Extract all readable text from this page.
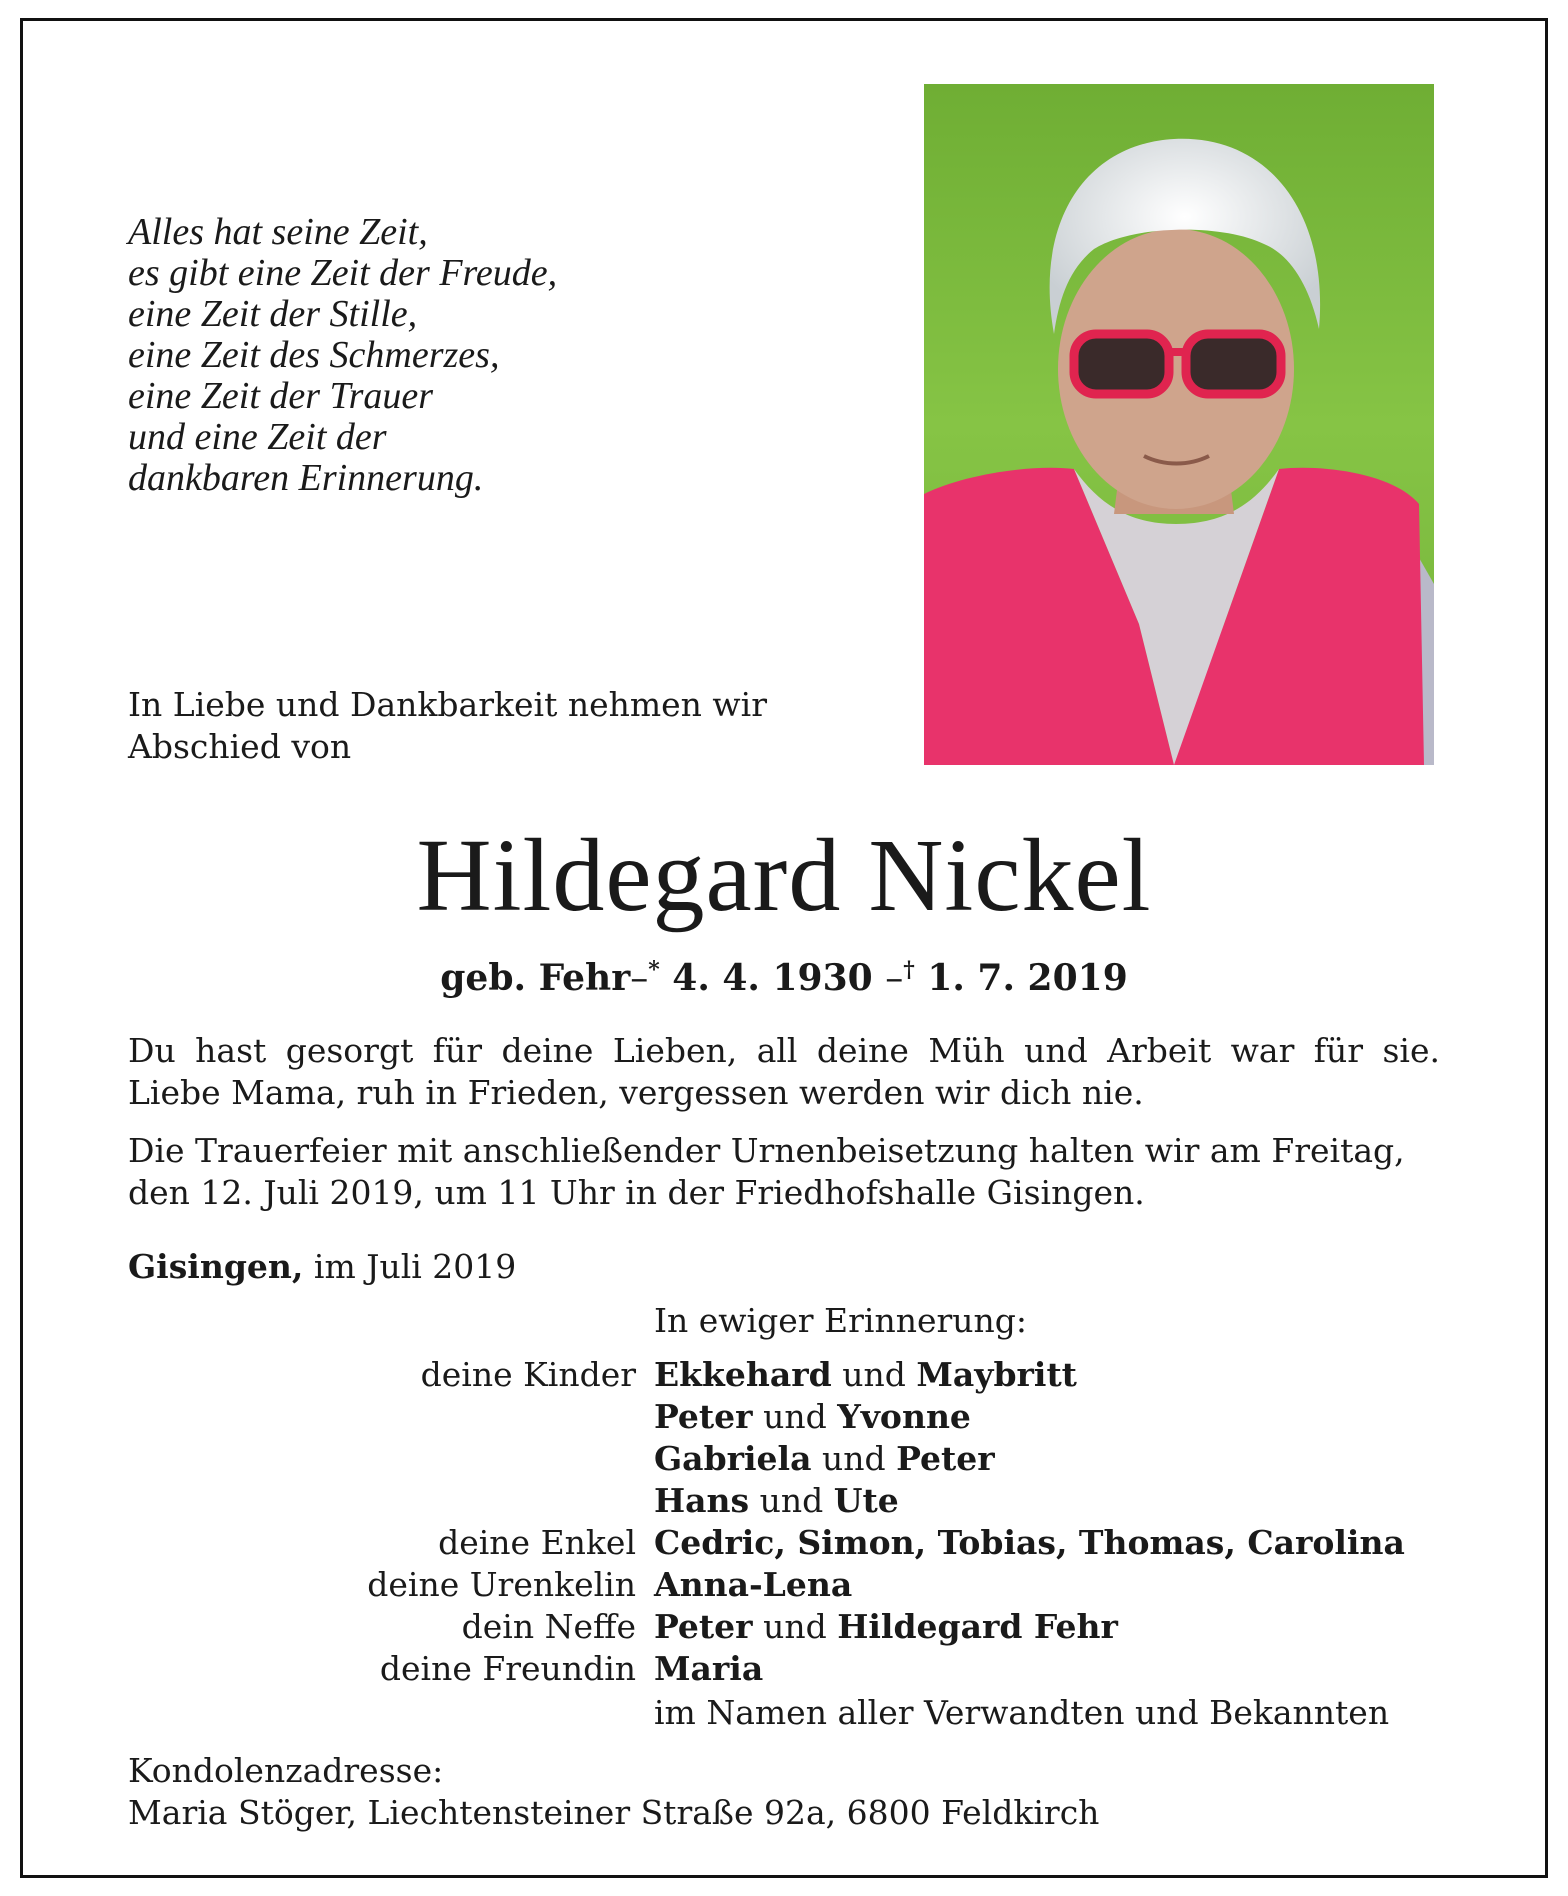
Alles hat seine Zeit,
es gibt eine Zeit der Freude,
eine Zeit der Stille,
eine Zeit des Schmerzes,
eine Zeit der Trauer
und eine Zeit der
dankbaren Erinnerung.
In Liebe und Dankbarkeit nehmen wir
Abschied von
Hildegard Nickel
geb. Fehr–* 4. 4. 1930 –† 1. 7. 2019
Du hast gesorgt für deine Lieben, all deine Müh und Arbeit war für sie.
Liebe Mama, ruh in Frieden, vergessen werden wir dich nie.
Die Trauerfeier mit anschließender Urnenbeisetzung halten wir am Freitag,
den 12. Juli 2019, um 11 Uhr in der Friedhofshalle Gisingen.
Gisingen, im Juli 2019
In ewiger Erinnerung:
deine Kinder Ekkehard und Maybritt
Peter und Yvonne
Gabriela und Peter
Hans und Ute
deine Enkel Cedric, Simon, Tobias, Thomas, Carolina
deine Urenkelin Anna-Lena
dein Neffe Peter und Hildegard Fehr
deine Freundin Maria
im Namen aller Verwandten und Bekannten
Kondolenzadresse:
Maria Stöger, Liechtensteiner Straße 92a, 6800 Feldkirch
